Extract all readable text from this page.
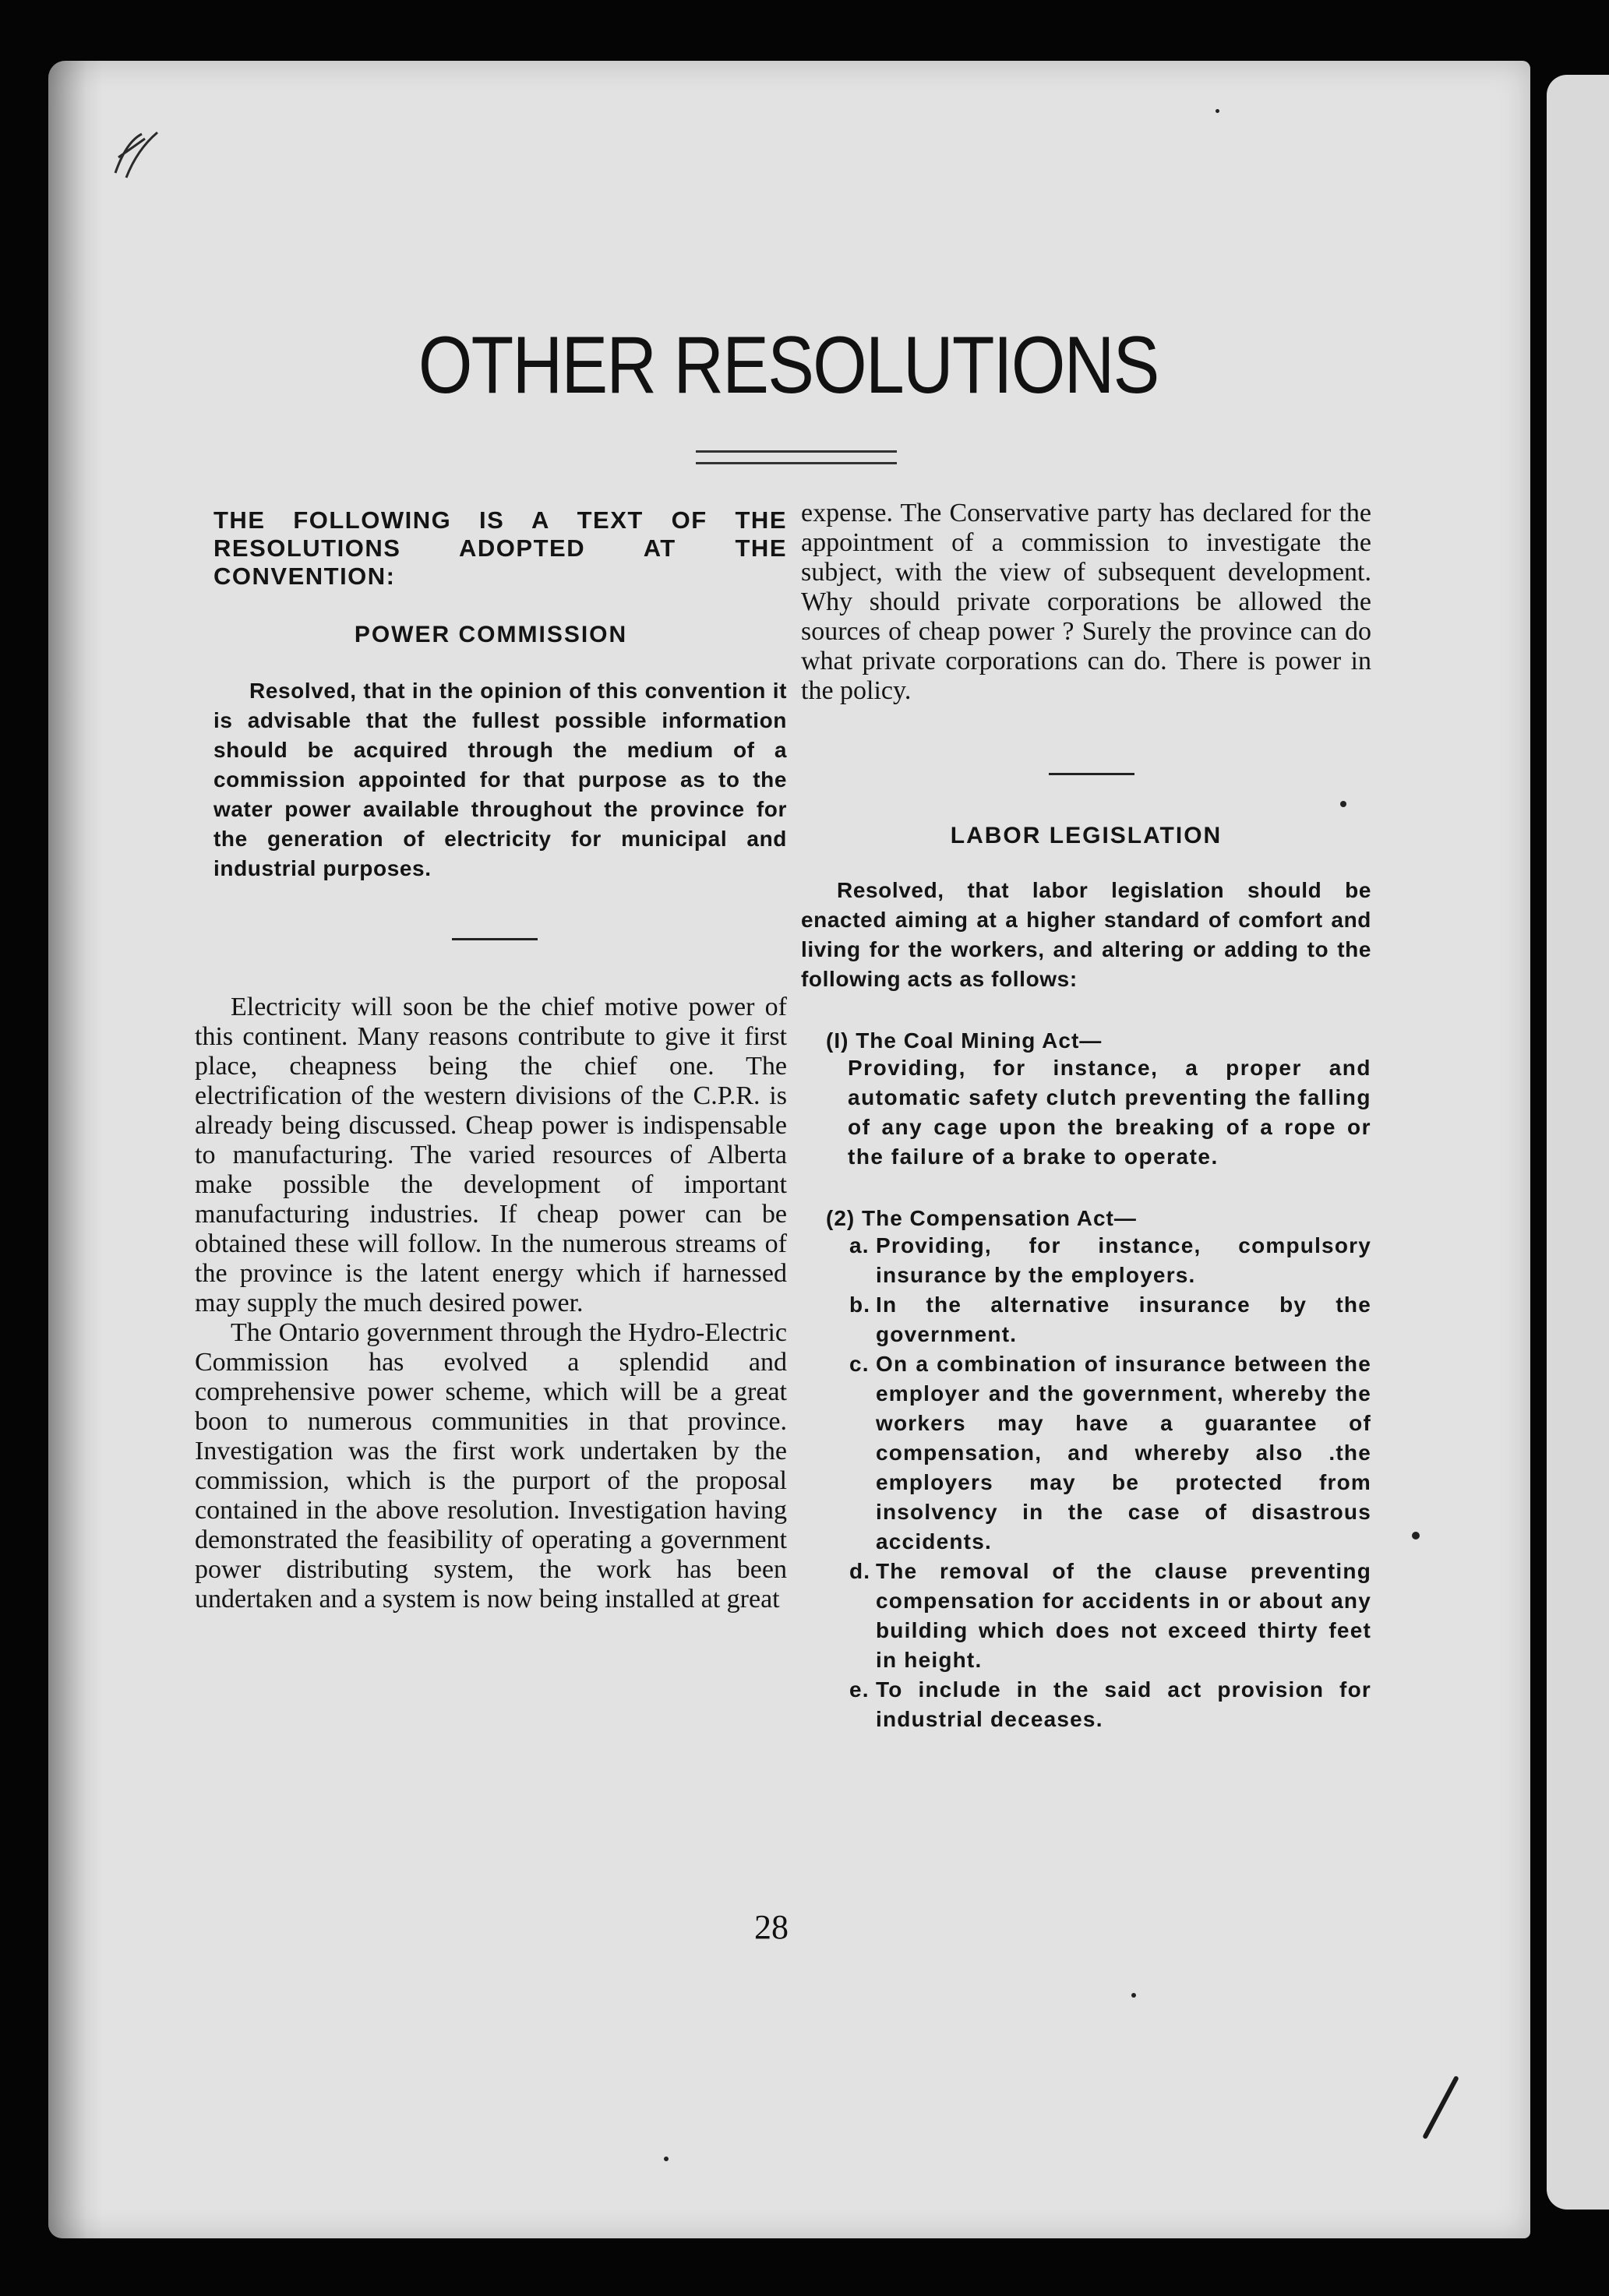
OTHER RESOLUTIONS

THE FOLLOWING IS A TEXT OF THE RESOLUTIONS ADOPTED AT THE CONVENTION:

POWER COMMISSION

Resolved, that in the opinion of this convention it is advisable that the fullest possible information should be acquired through the medium of a commission appointed for that purpose as to the water power available throughout the province for the generation of electricity for municipal and industrial purposes.

Electricity will soon be the chief motive power of this continent. Many reasons contribute to give it first place, cheapness being the chief one. The electrification of the western divisions of the C.P.R. is already being discussed. Cheap power is indispensable to manufacturing. The varied resources of Alberta make possible the development of important manufacturing industries. If cheap power can be obtained these will follow. In the numerous streams of the province is the latent energy which if harnessed may supply the much desired power.

The Ontario government through the Hydro-Electric Commission has evolved a splendid and comprehensive power scheme, which will be a great boon to numerous communities in that province. Investigation was the first work undertaken by the commission, which is the purport of the proposal contained in the above resolution. Investigation having demonstrated the feasibility of operating a government power distributing system, the work has been undertaken and a system is now being installed at great

expense. The Conservative party has declared for the appointment of a commission to investigate the subject, with the view of subsequent development. Why should private corporations be allowed the sources of cheap power ? Surely the province can do what private corporations can do. There is power in the policy.

LABOR LEGISLATION

Resolved, that labor legislation should be enacted aiming at a higher standard of comfort and living for the workers, and altering or adding to the following acts as follows:

(I) The Coal Mining Act—

Providing, for instance, a proper and automatic safety clutch preventing the falling of any cage upon the breaking of a rope or the failure of a brake to operate.

(2) The Compensation Act—

a. Providing, for instance, compulsory insurance by the employers.
b. In the alternative insurance by the government.
c. On a combination of insurance between the employer and the government, whereby the workers may have a guarantee of compensation, and whereby also .the employers may be protected from insolvency in the case of disastrous accidents.
d. The removal of the clause preventing compensation for accidents in or about any building which does not exceed thirty feet in height.
e. To include in the said act provision for industrial deceases.

28
